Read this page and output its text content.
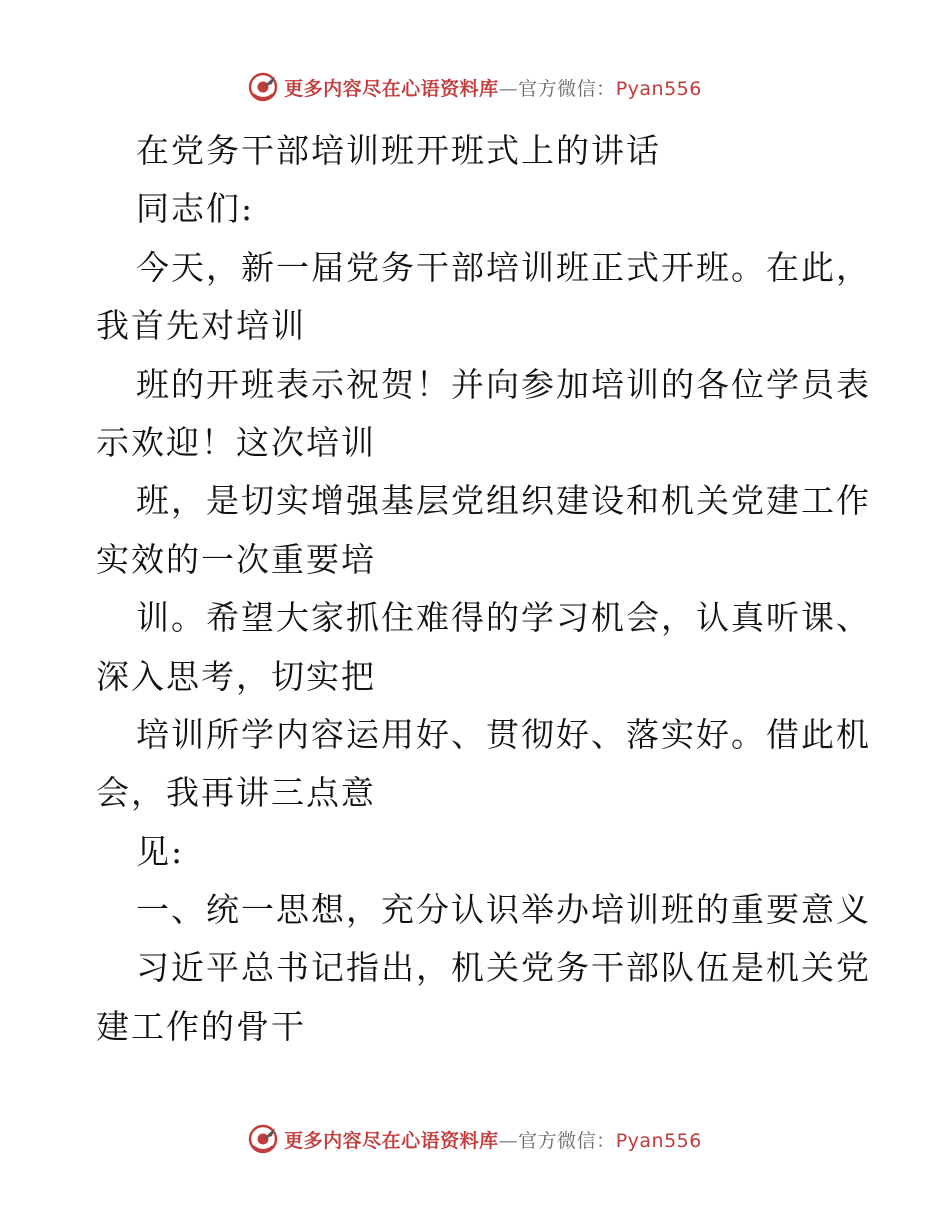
更多内容尽在心语资料库—官方微信：Pyan556
在党务干部培训班开班式上的讲话
同志们:
今天，新一届党务干部培训班正式开班。在此，
我首先对培训
班的开班表示祝贺！并向参加培训的各位学员表
示欢迎！这次培训
班，是切实增强基层党组织建设和机关党建工作
实效的一次重要培
训。希望大家抓住难得的学习机会，认真听课、
深入思考，切实把
培训所学内容运用好、贯彻好、落实好。借此机
会，我再讲三点意
见:
一、统一思想，充分认识举办培训班的重要意义
习近平总书记指出，机关党务干部队伍是机关党
建工作的骨干
更多内容尽在心语资料库—官方微信：Pyan556
